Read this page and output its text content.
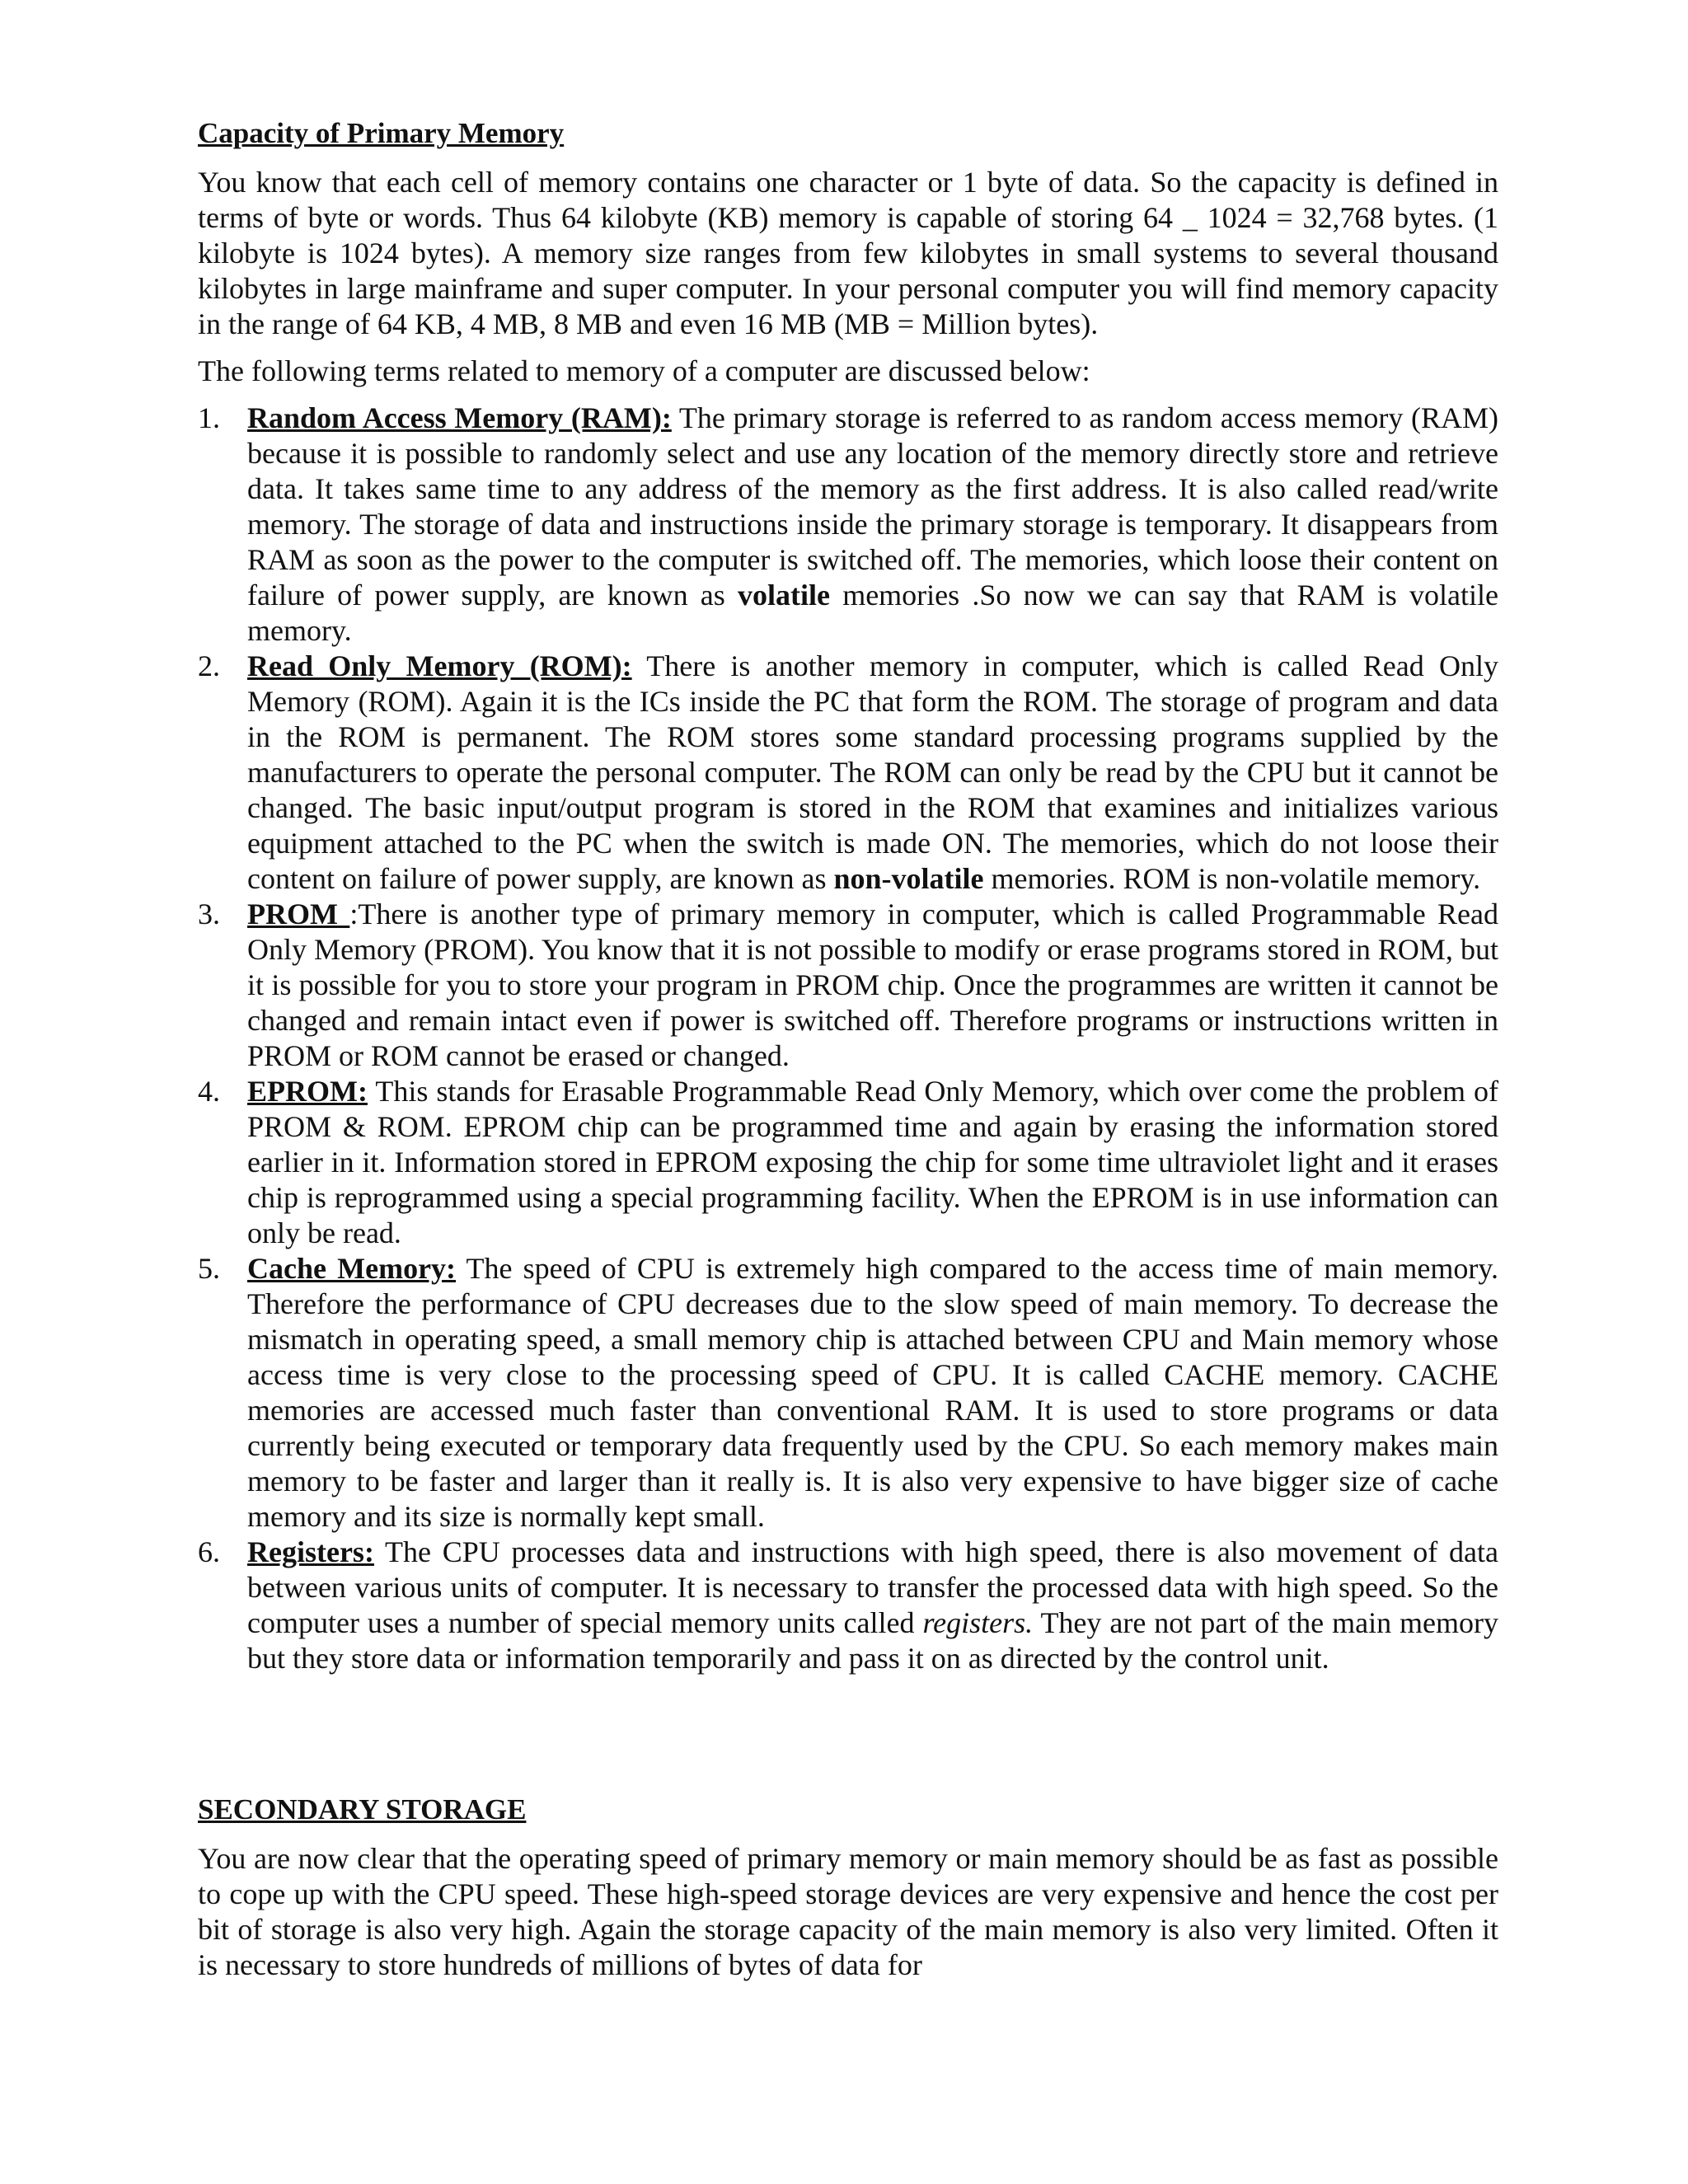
Capacity of Primary Memory

You know that each cell of memory contains one character or 1 byte of data. So the capacity is defined in terms of byte or words. Thus 64 kilobyte (KB) memory is capable of storing 64 _ 1024 = 32,768 bytes. (1 kilobyte is 1024 bytes). A memory size ranges from few kilobytes in small systems to several thousand kilobytes in large mainframe and super computer. In your personal computer you will find memory capacity in the range of 64 KB, 4 MB, 8 MB and even 16 MB (MB = Million bytes).

The following terms related to memory of a computer are discussed below:

1. Random Access Memory (RAM): The primary storage is referred to as random access memory (RAM) because it is possible to randomly select and use any location of the memory directly store and retrieve data. It takes same time to any address of the memory as the first address. It is also called read/write memory. The storage of data and instructions inside the primary storage is temporary. It disappears from RAM as soon as the power to the computer is switched off. The memories, which loose their content on failure of power supply, are known as volatile memories .So now we can say that RAM is volatile memory.
2. Read Only Memory (ROM): There is another memory in computer, which is called Read Only Memory (ROM). Again it is the ICs inside the PC that form the ROM. The storage of program and data in the ROM is permanent. The ROM stores some standard processing programs supplied by the manufacturers to operate the personal computer. The ROM can only be read by the CPU but it cannot be changed. The basic input/output program is stored in the ROM that examines and initializes various equipment attached to the PC when the switch is made ON. The memories, which do not loose their content on failure of power supply, are known as non-volatile memories. ROM is non-volatile memory.
3. PROM :There is another type of primary memory in computer, which is called Programmable Read Only Memory (PROM). You know that it is not possible to modify or erase programs stored in ROM, but it is possible for you to store your program in PROM chip. Once the programmes are written it cannot be changed and remain intact even if power is switched off. Therefore programs or instructions written in PROM or ROM cannot be erased or changed.
4. EPROM: This stands for Erasable Programmable Read Only Memory, which over come the problem of PROM & ROM. EPROM chip can be programmed time and again by erasing the information stored earlier in it. Information stored in EPROM exposing the chip for some time ultraviolet light and it erases chip is reprogrammed using a special programming facility. When the EPROM is in use information can only be read.
5. Cache Memory: The speed of CPU is extremely high compared to the access time of main memory. Therefore the performance of CPU decreases due to the slow speed of main memory. To decrease the mismatch in operating speed, a small memory chip is attached between CPU and Main memory whose access time is very close to the processing speed of CPU. It is called CACHE memory. CACHE memories are accessed much faster than conventional RAM. It is used to store programs or data currently being executed or temporary data frequently used by the CPU. So each memory makes main memory to be faster and larger than it really is. It is also very expensive to have bigger size of cache memory and its size is normally kept small.
6. Registers: The CPU processes data and instructions with high speed, there is also movement of data between various units of computer. It is necessary to transfer the processed data with high speed. So the computer uses a number of special memory units called registers. They are not part of the main memory but they store data or information temporarily and pass it on as directed by the control unit.
SECONDARY STORAGE

You are now clear that the operating speed of primary memory or main memory should be as fast as possible to cope up with the CPU speed. These high-speed storage devices are very expensive and hence the cost per bit of storage is also very high. Again the storage capacity of the main memory is also very limited. Often it is necessary to store hundreds of millions of bytes of data for
